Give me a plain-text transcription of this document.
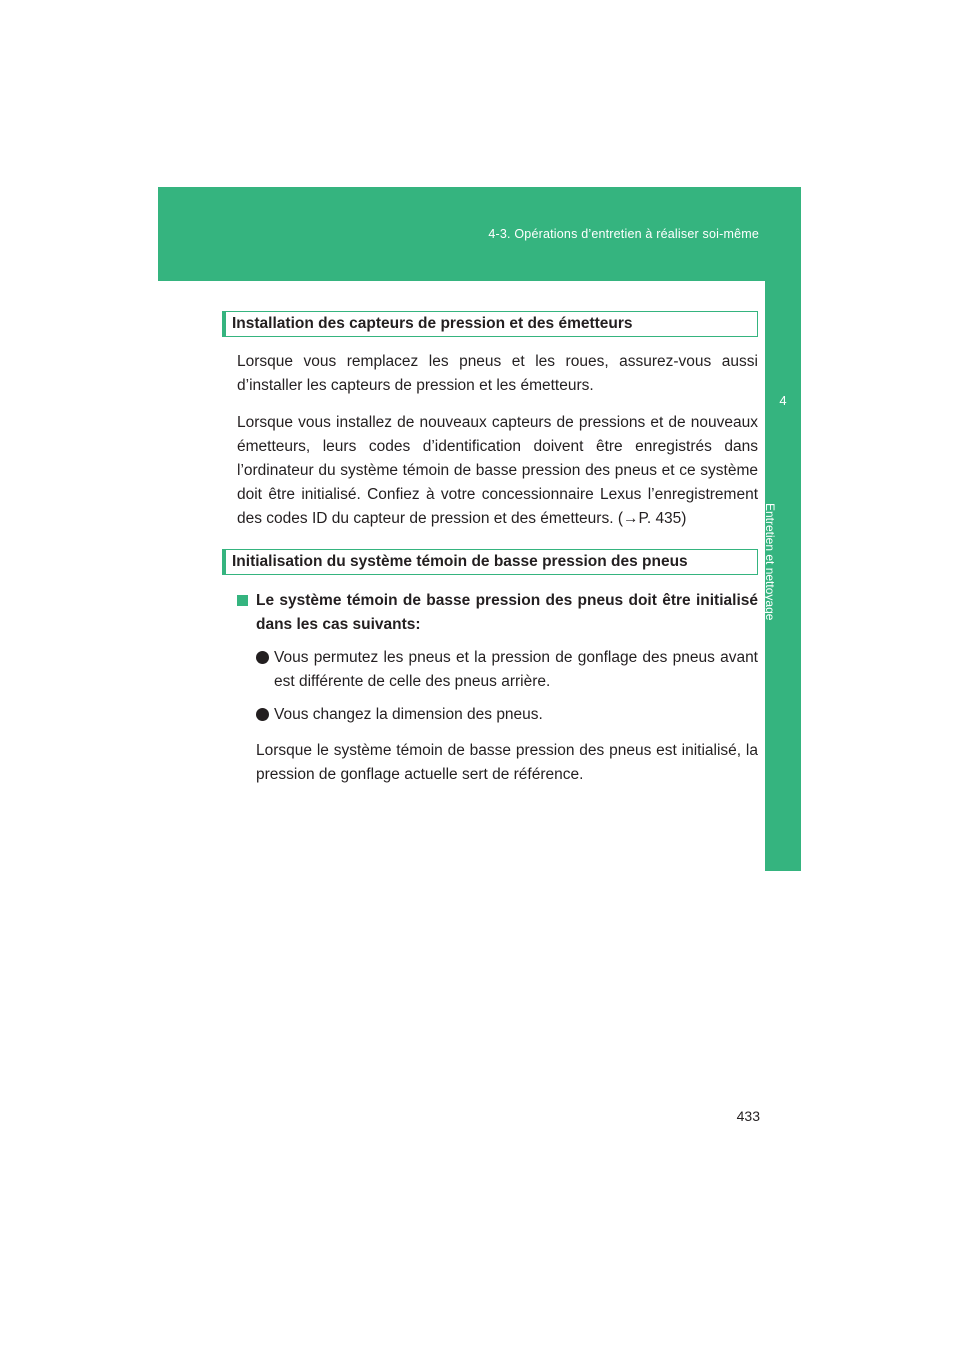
4-3. Opérations d’entretien à réaliser soi-même
4
Entretien et nettoyage
Installation des capteurs de pression et des émetteurs

Lorsque vous remplacez les pneus et les roues, assurez-vous aussi d’installer les capteurs de pression et les émetteurs.

Lorsque vous installez de nouveaux capteurs de pressions et de nouveaux émetteurs, leurs codes d’identification doivent être enregistrés dans l’ordinateur du système témoin de basse pression des pneus et ce système doit être initialisé. Confiez à votre concessionnaire Lexus l’enregistrement des codes ID du capteur de pression et des émetteurs. (→P. 435)

Initialisation du système témoin de basse pression des pneus
Le système témoin de basse pression des pneus doit être initialisé dans les cas suivants:
Vous permutez les pneus et la pression de gonflage des pneus avant est différente de celle des pneus arrière.
Vous changez la dimension des pneus.

Lorsque le système témoin de basse pression des pneus est initialisé, la pression de gonflage actuelle sert de référence.

433
